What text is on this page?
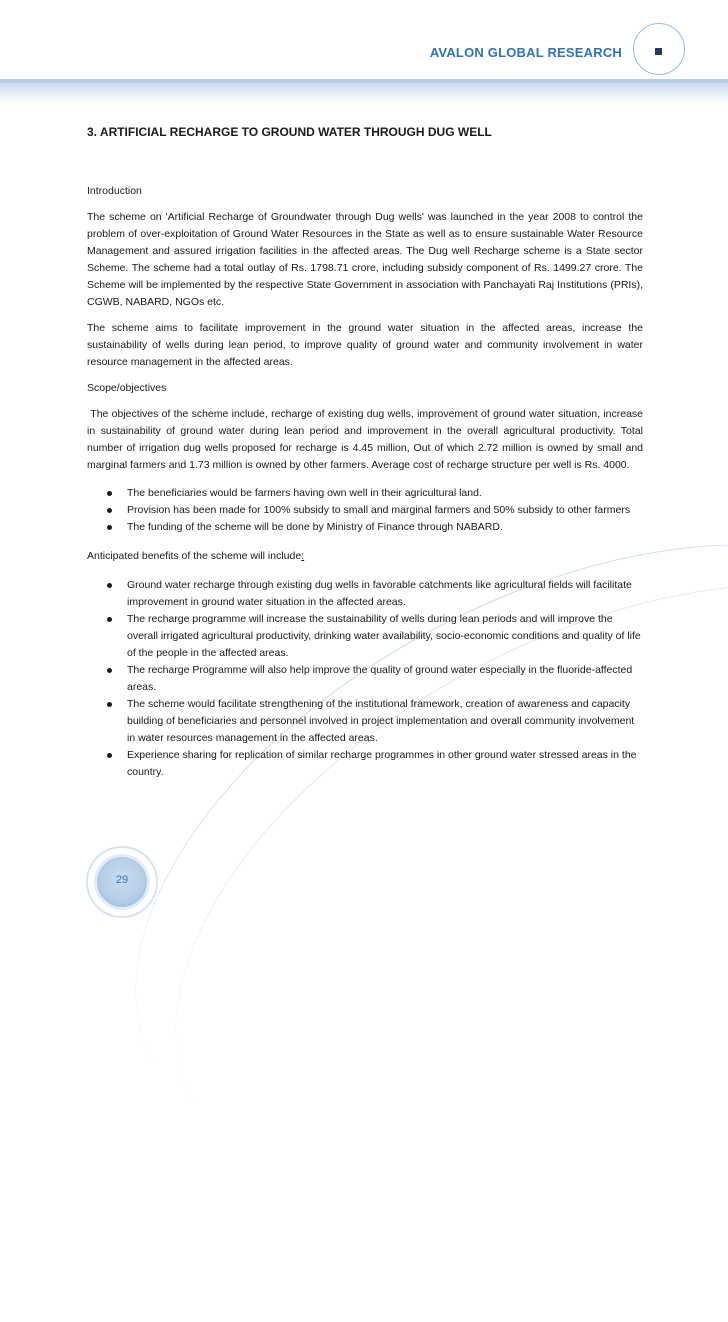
AVALON GLOBAL RESEARCH
3. ARTIFICIAL RECHARGE TO GROUND WATER THROUGH DUG WELL

Introduction

The scheme on 'Artificial Recharge of Groundwater through Dug wells' was launched in the year 2008 to control the problem of over-exploitation of Ground Water Resources in the State as well as to ensure sustainable Water Resource Management and assured irrigation facilities in the affected areas. The Dug well Recharge scheme is a State sector Scheme. The scheme had a total outlay of Rs. 1798.71 crore, including subsidy component of Rs. 1499.27 crore. The Scheme will be implemented by the respective State Government in association with Panchayati Raj Institutions (PRIs), CGWB, NABARD, NGOs etc.

The scheme aims to facilitate improvement in the ground water situation in the affected areas, increase the sustainability of wells during lean period, to improve quality of ground water and community involvement in water resource management in the affected areas.

Scope/objectives

The objectives of the scheme include, recharge of existing dug wells, improvement of ground water situation, increase in sustainability of ground water during lean period and improvement in the overall agricultural productivity. Total number of irrigation dug wells proposed for recharge is 4.45 million, Out of which 2.72 million is owned by small and marginal farmers and 1.73 million is owned by other farmers. Average cost of recharge structure per well is Rs. 4000.

The beneficiaries would be farmers having own well in their agricultural land.
Provision has been made for 100% subsidy to small and marginal farmers and 50% subsidy to other farmers
The funding of the scheme will be done by Ministry of Finance through NABARD.

Anticipated benefits of the scheme will include:

Ground water recharge through existing dug wells in favorable catchments like agricultural fields will facilitate improvement in ground water situation in the affected areas.
The recharge programme will increase the sustainability of wells during lean periods and will improve the overall irrigated agricultural productivity, drinking water availability, socio-economic conditions and quality of life of the people in the affected areas.
The recharge Programme will also help improve the quality of ground water especially in the fluoride-affected areas.
The scheme would facilitate strengthening of the institutional framework, creation of awareness and capacity building of beneficiaries and personnel involved in project implementation and overall community involvement in water resources management in the affected areas.
Experience sharing for replication of similar recharge programmes in other ground water stressed areas in the country.
29
